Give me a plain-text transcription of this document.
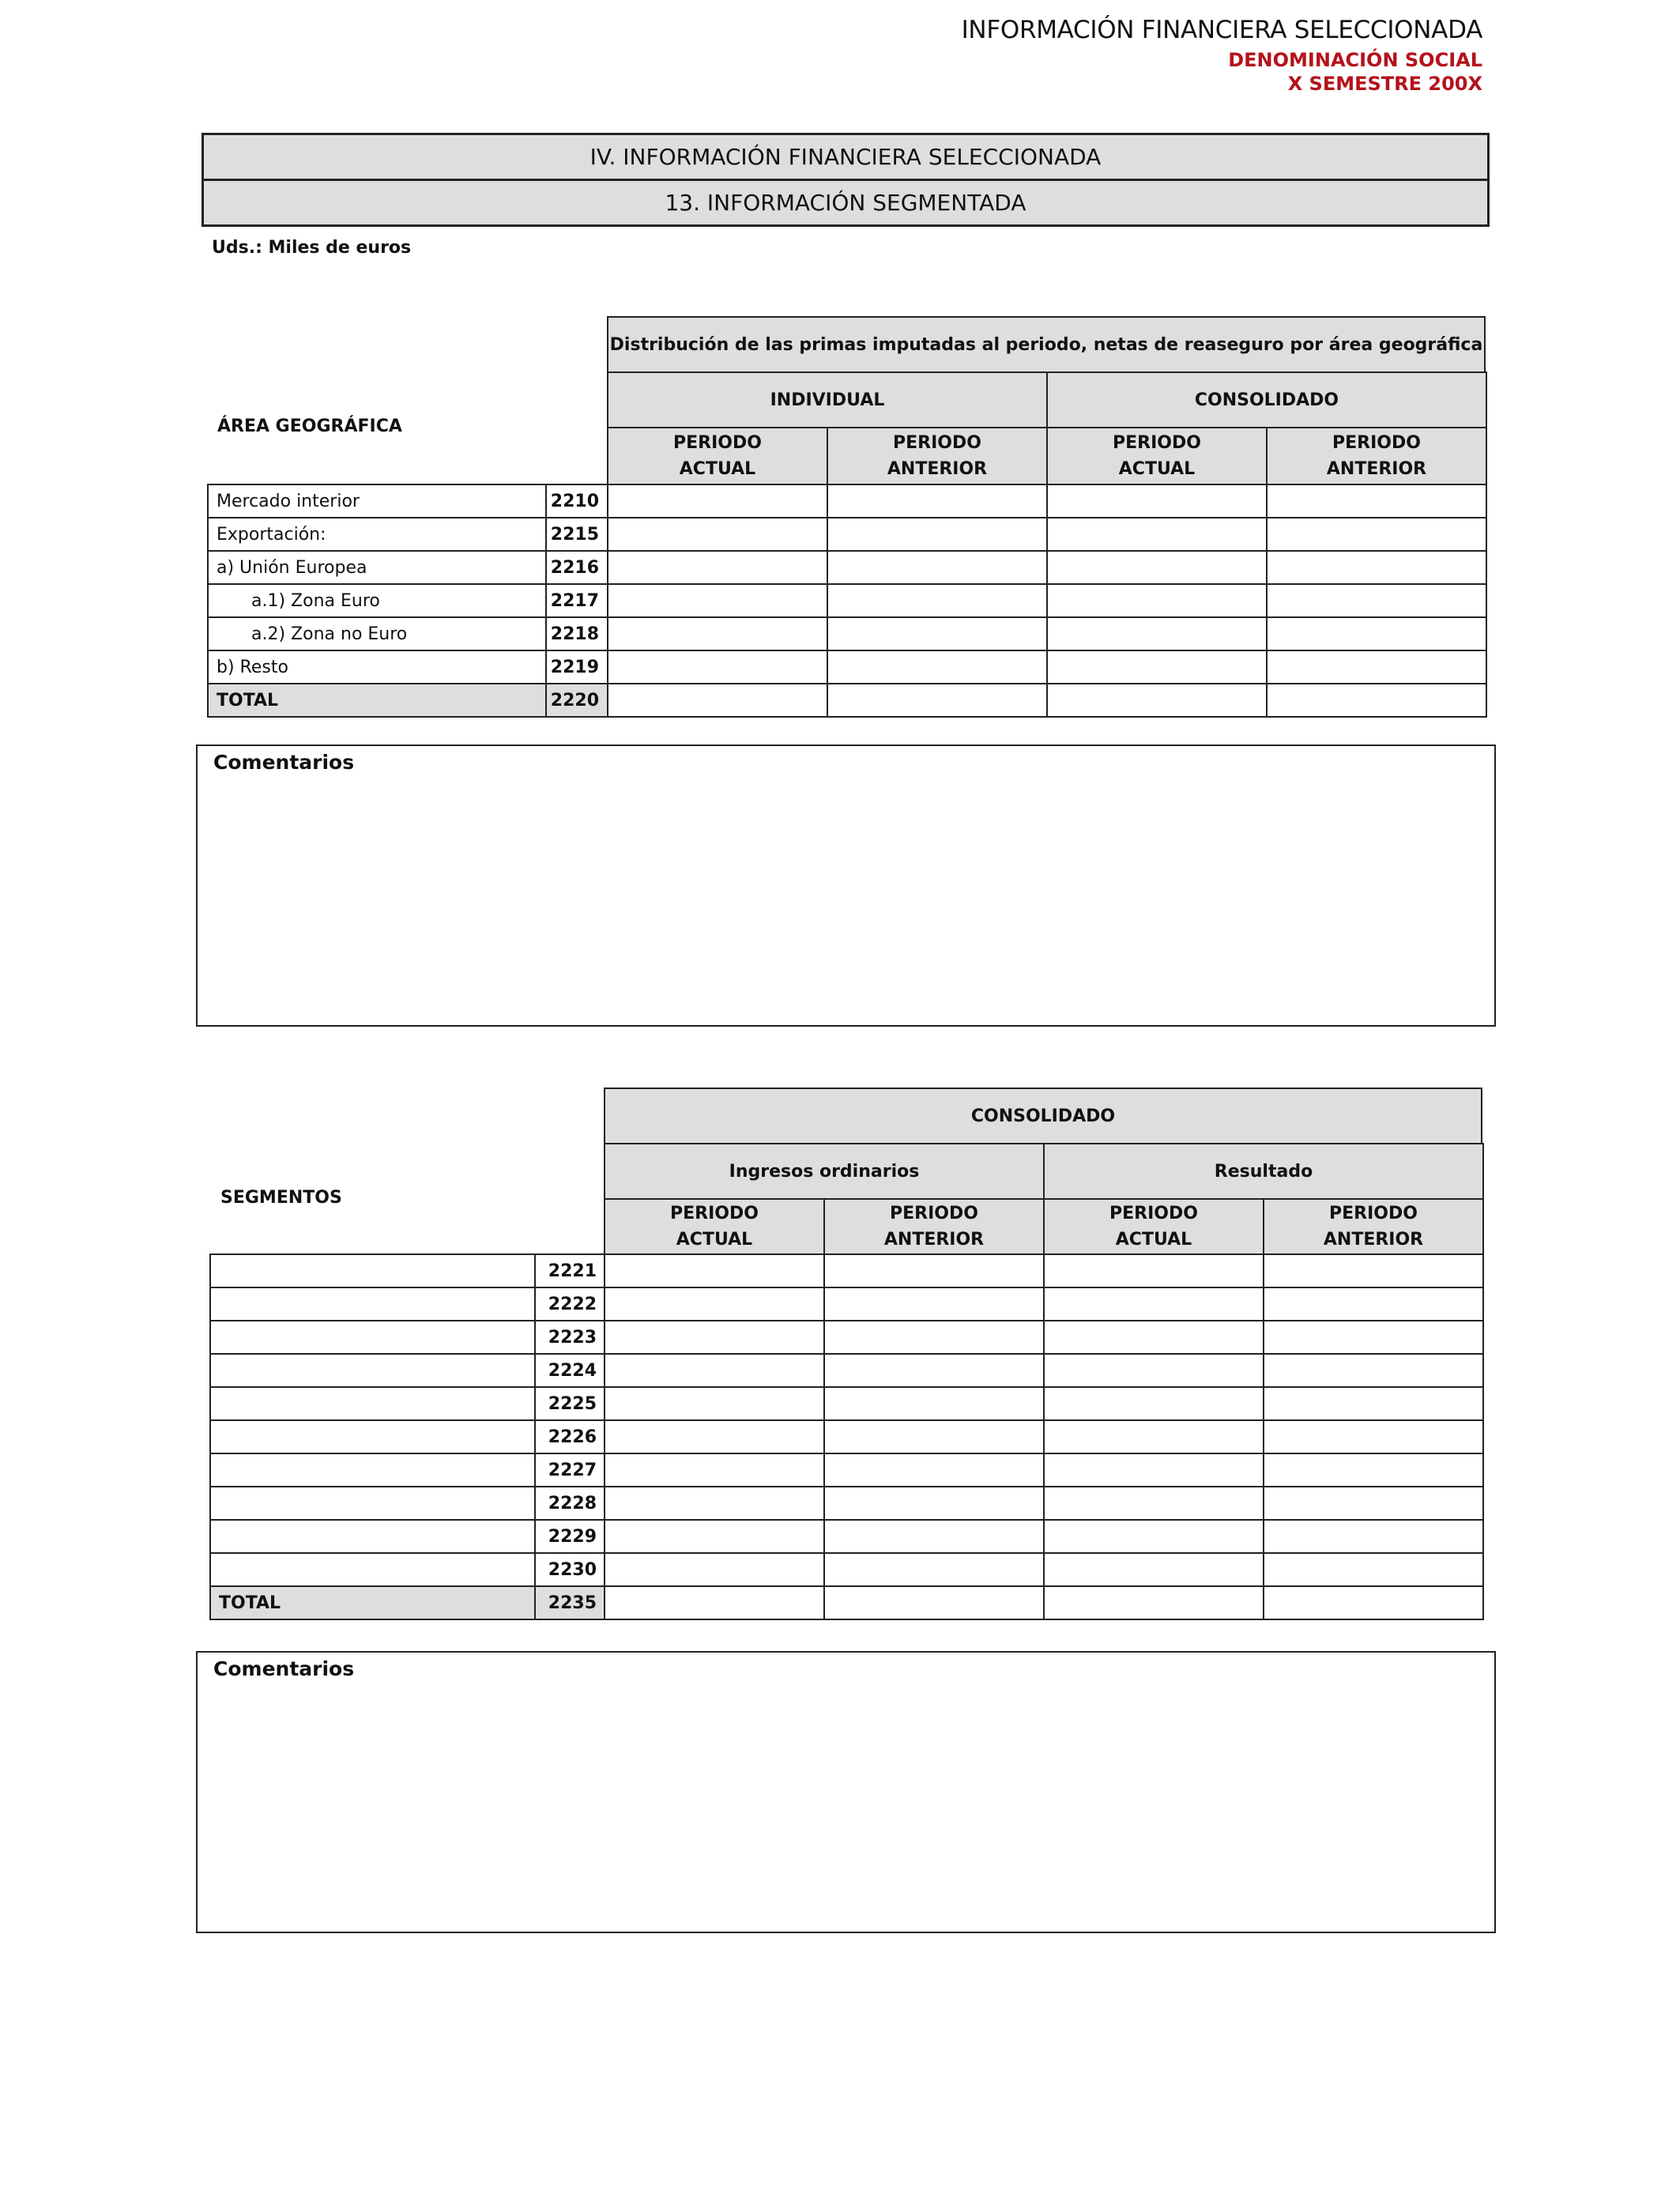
INFORMACIÓN FINANCIERA SELECCIONADA
DENOMINACIÓN SOCIAL
X SEMESTRE 200X
IV. INFORMACIÓN FINANCIERA SELECCIONADA
13. INFORMACIÓN SEGMENTADA
Uds.: Miles de euros
ÁREA GEOGRÁFICA
Distribución de las primas imputadas al periodo, netas de reaseguro por área geográfica
INDIVIDUAL	CONSOLIDADO
PERIODO
ACTUAL
PERIODO
ANTERIOR
PERIODO
ACTUAL
PERIODO
ANTERIOR
Mercado interior	2210
Exportación:	2215
a) Unión Europea	2216
a.1) Zona Euro	2217
a.2) Zona no Euro	2218
b) Resto	2219
TOTAL	2220
Comentarios
SEGMENTOS
CONSOLIDADO
Ingresos ordinarios	Resultado
PERIODO
ACTUAL
PERIODO
ANTERIOR
PERIODO
ACTUAL
PERIODO
ANTERIOR
2221
2222
2223
2224
2225
2226
2227
2228
2229
2230
TOTAL	2235
Comentarios
